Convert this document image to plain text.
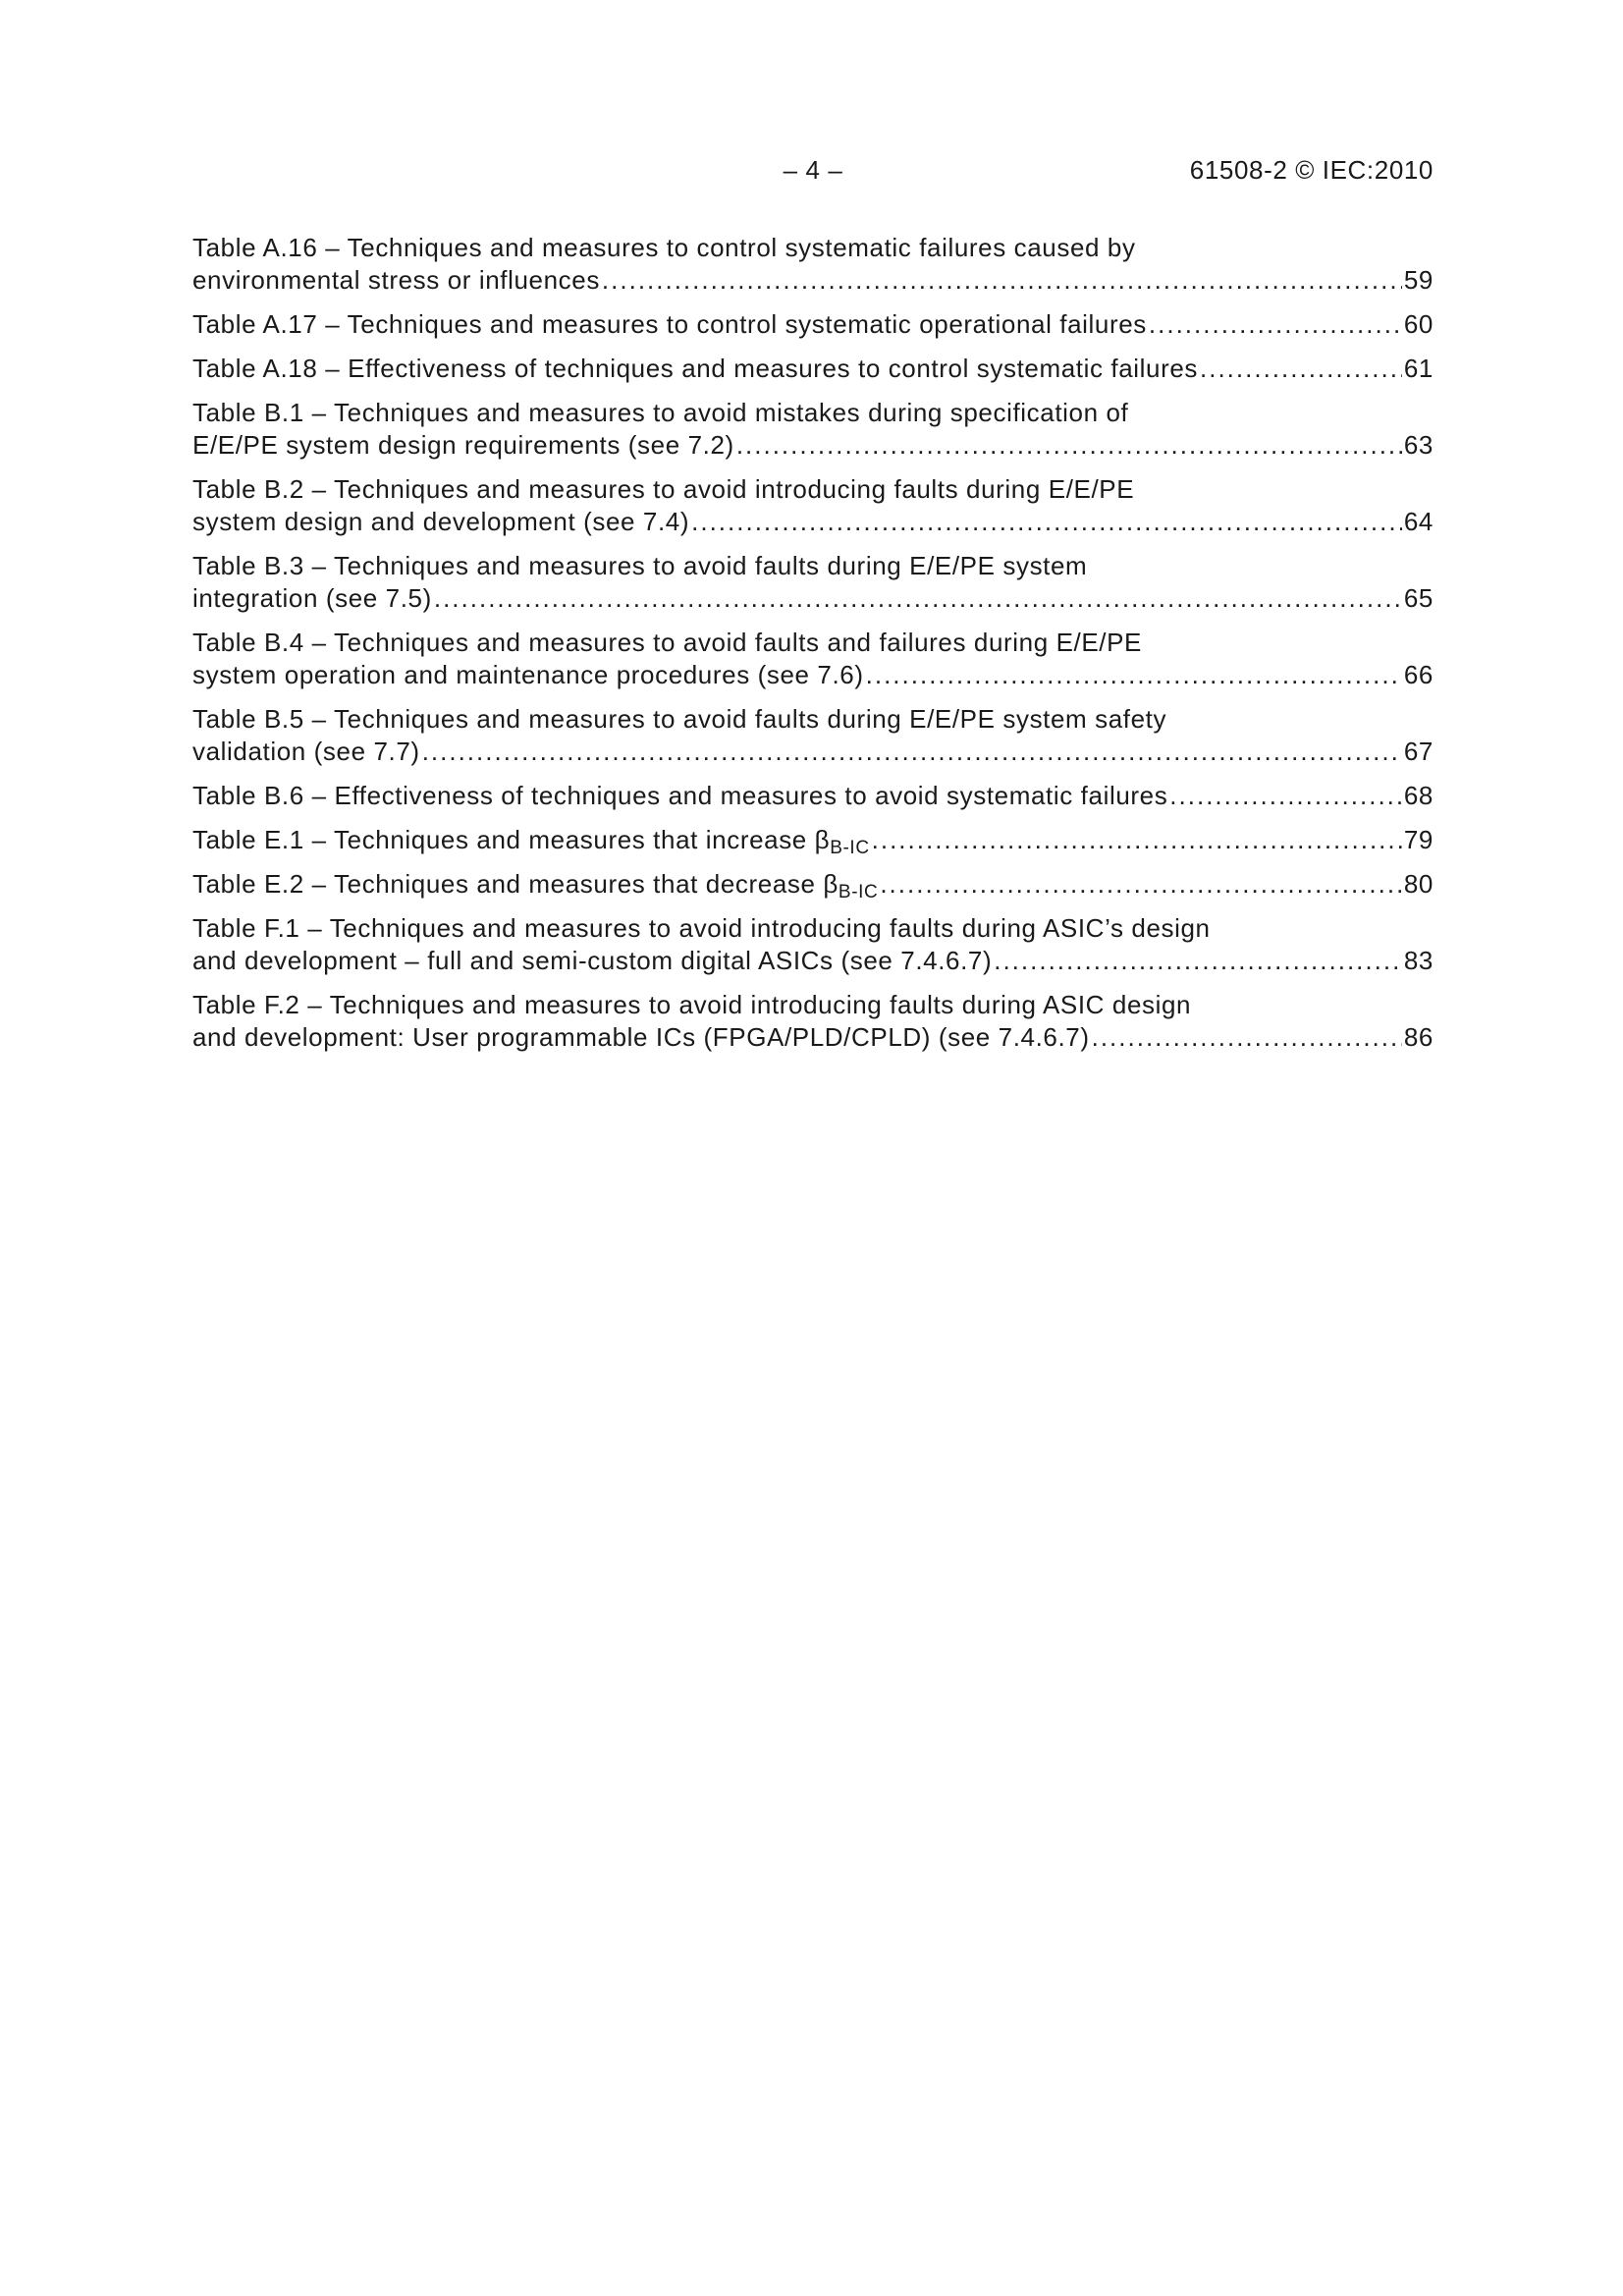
– 4 –	61508-2 © IEC:2010
Table A.16 – Techniques and measures to control systematic failures caused by
environmental stress or influences .....	59
Table A.17 – Techniques and measures to control systematic operational failures .....	60
Table A.18 – Effectiveness of techniques and measures to control systematic failures .....	61
Table B.1 – Techniques and measures to avoid mistakes during specification of
E/E/PE system design requirements (see 7.2) .....	63
Table B.2 – Techniques and measures to avoid introducing faults during E/E/PE
system design and development (see 7.4) .....	64
Table B.3 – Techniques and measures to avoid faults during E/E/PE system
integration (see 7.5) .....	65
Table B.4 – Techniques and measures to avoid faults and failures during E/E/PE
system operation and maintenance procedures (see 7.6) .....	66
Table B.5 – Techniques and measures to avoid faults during E/E/PE system safety
validation (see 7.7) .....	67
Table B.6 – Effectiveness of techniques and measures to avoid systematic failures .....	68
Table E.1 – Techniques and measures that increase $\beta_{B-IC}$ .....	79
Table E.2 – Techniques and measures that decrease $\beta_{B-IC}$ .....	80
Table F.1 – Techniques and measures to avoid introducing faults during ASIC’s design
and development – full and semi-custom digital ASICs (see 7.4.6.7) .....	83
Table F.2 – Techniques and measures to avoid introducing faults during ASIC design
and development: User programmable ICs (FPGA/PLD/CPLD) (see 7.4.6.7) .....	86
